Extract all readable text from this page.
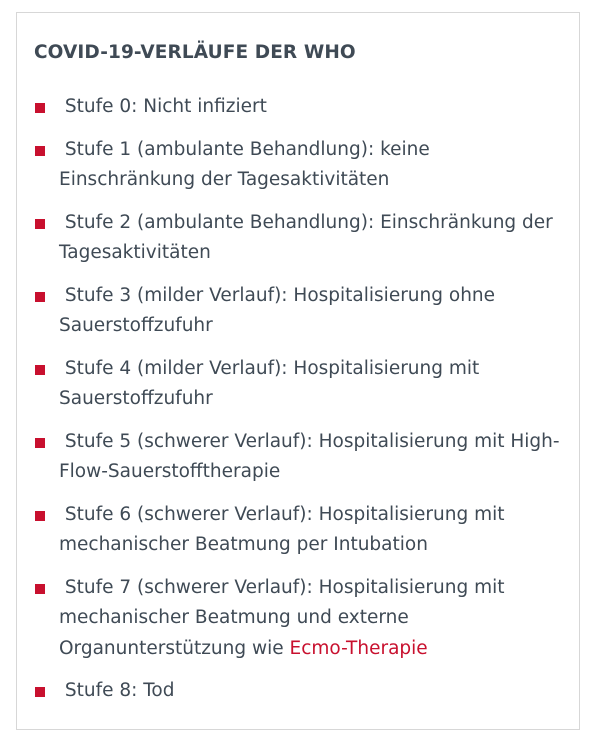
COVID-19-VERLÄUFE DER WHO
Stufe 0: Nicht infiziert
Stufe 1 (ambulante Behandlung): keine Einschränkung der Tagesaktivitäten
Stufe 2 (ambulante Behandlung): Einschränkung der Tagesaktivitäten
Stufe 3 (milder Verlauf): Hospitalisierung ohne Sauerstoffzufuhr
Stufe 4 (milder Verlauf): Hospitalisierung mit Sauerstoffzufuhr
Stufe 5 (schwerer Verlauf): Hospitalisierung mit High-Flow-Sauerstofftherapie
Stufe 6 (schwerer Verlauf): Hospitalisierung mit mechanischer Beatmung per Intubation
Stufe 7 (schwerer Verlauf): Hospitalisierung mit mechanischer Beatmung und externe Organunterstützung wie Ecmo-Therapie
Stufe 8: Tod
